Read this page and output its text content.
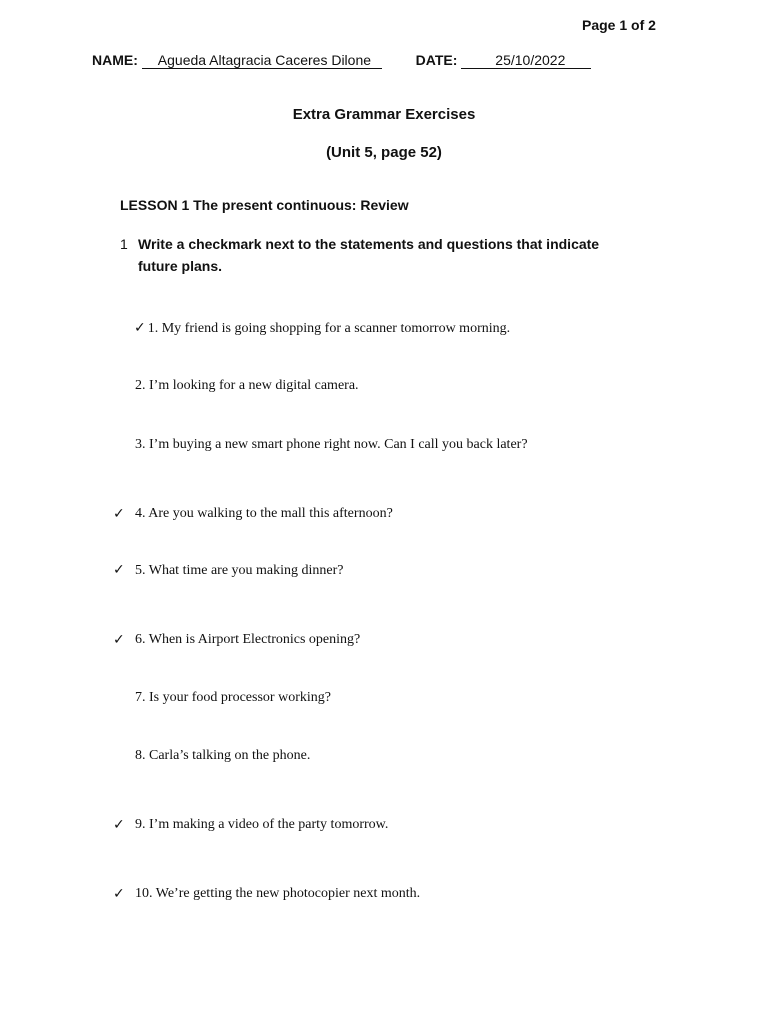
Page 1 of 2
NAME: Agueda Altagracia Caceres Dilone	DATE:	25/10/2022
Extra Grammar Exercises
(Unit 5, page 52)
LESSON 1 The present continuous: Review
1 Write a checkmark next to the statements and questions that indicate future plans.
✓ 1. My friend is going shopping for a scanner tomorrow morning.
2. I’m looking for a new digital camera.
3. I’m buying a new smart phone right now. Can I call you back later?
✓ 4. Are you walking to the mall this afternoon?
✓ 5. What time are you making dinner?
✓ 6. When is Airport Electronics opening?
7. Is your food processor working?
8. Carla’s talking on the phone.
✓ 9. I’m making a video of the party tomorrow.
✓ 10. We’re getting the new photocopier next month.
